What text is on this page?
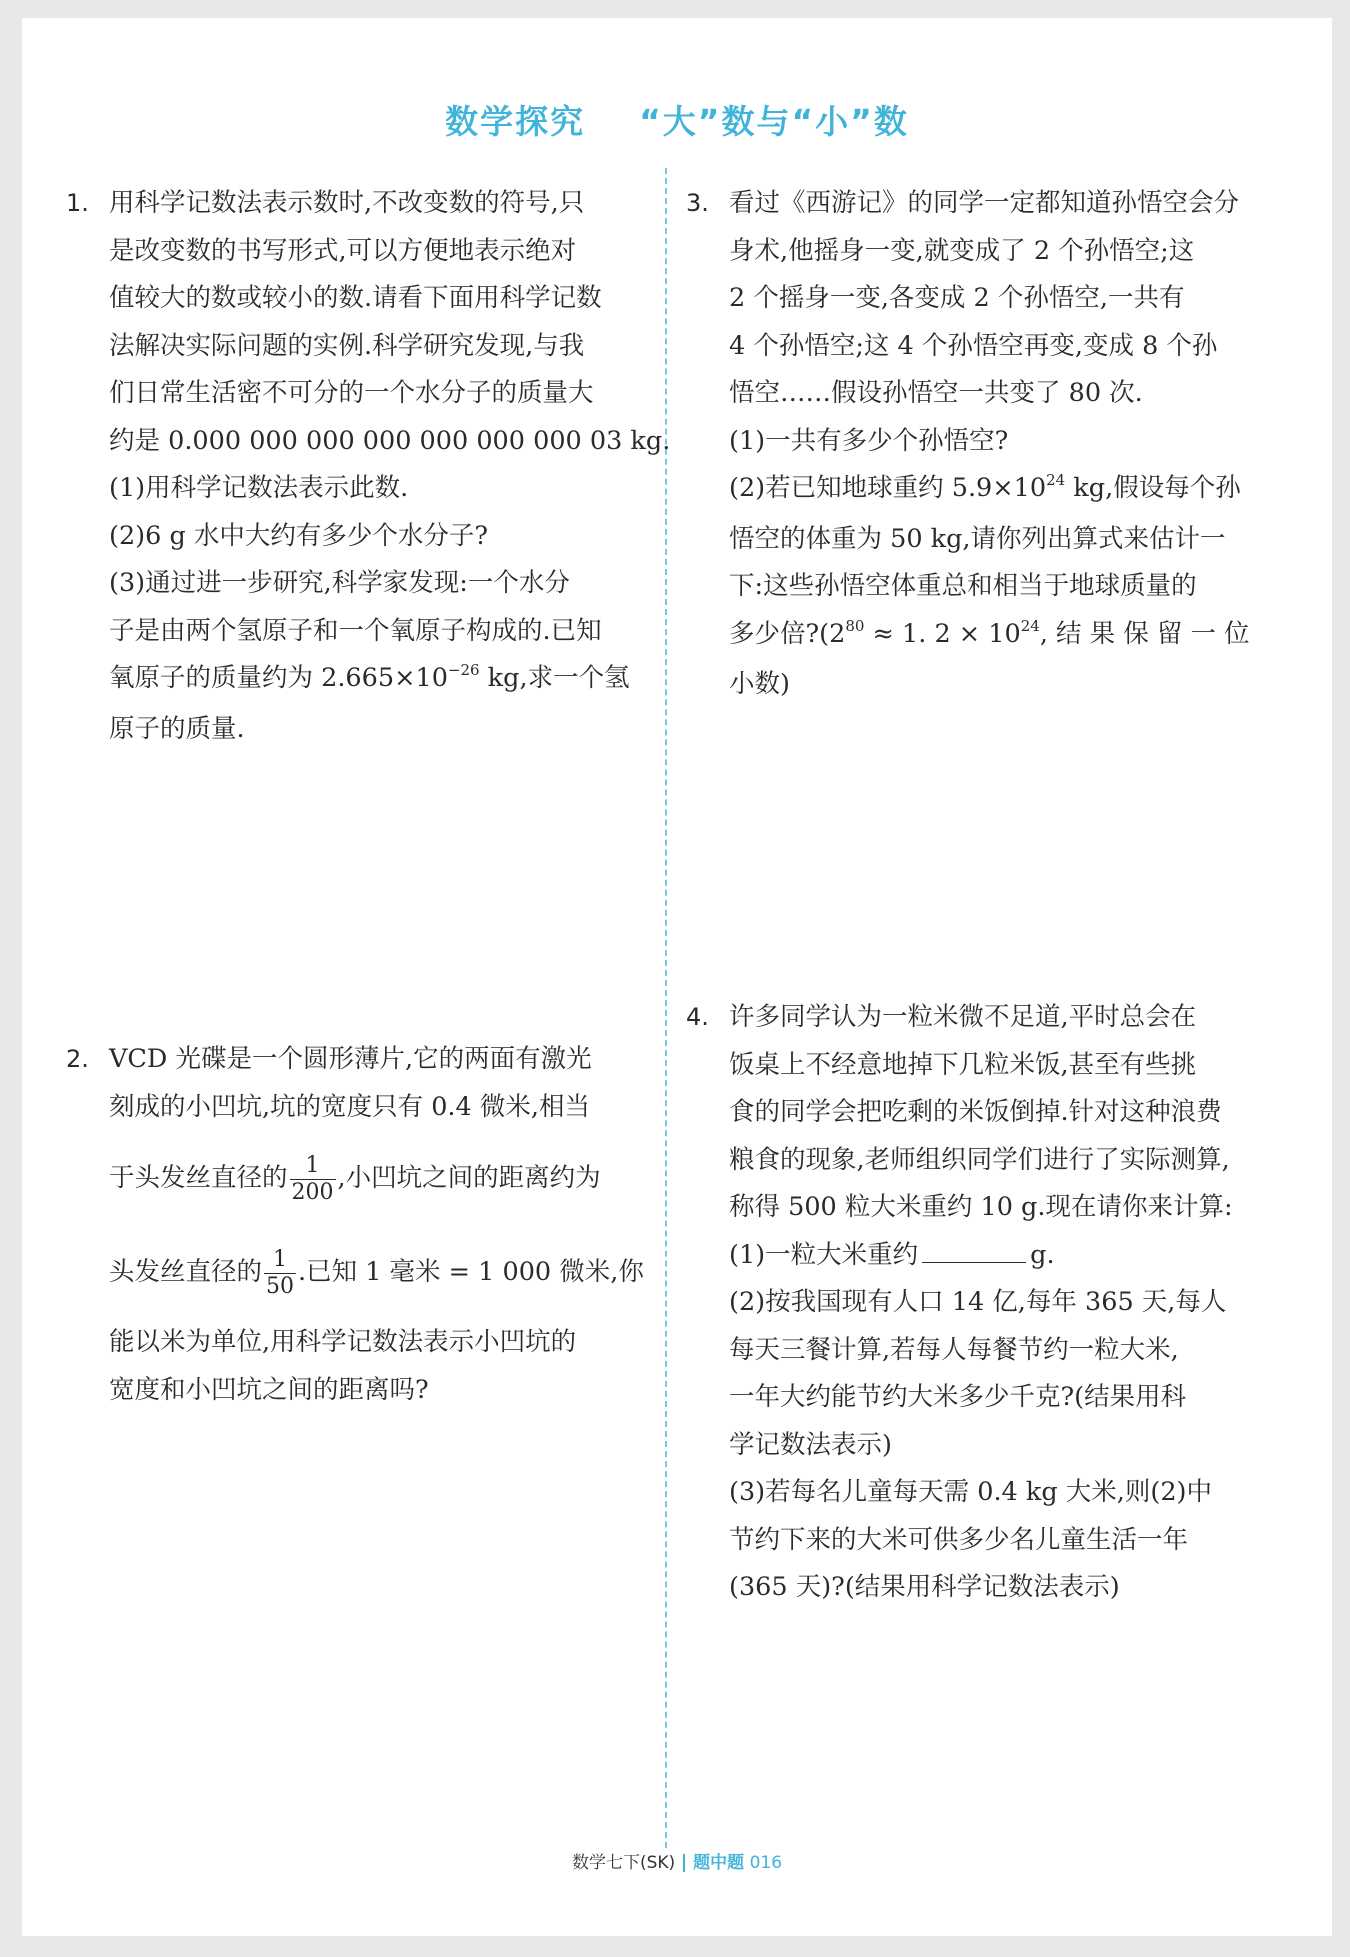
数学探究    “大”数与“小”数
1. 用科学记数法表示数时,不改变数的符号,只

是改变数的书写形式,可以方便地表示绝对

值较大的数或较小的数.请看下面用科学记数

法解决实际问题的实例.科学研究发现,与我

们日常生活密不可分的一个水分子的质量大

约是 0.000 000 000 000 000 000 000 03 kg.

(1)用科学记数法表示此数.

(2)6 g 水中大约有多少个水分子?

(3)通过进一步研究,科学家发现:一个水分

子是由两个氢原子和一个氧原子构成的.已知

氧原子的质量约为 $2.665\times 10^{-26}$ kg,求一个氢

原子的质量.

2. VCD 光碟是一个圆形薄片,它的两面有激光

刻成的小凹坑,坑的宽度只有 0.4 微米,相当

于头发丝直径的 $\frac{1}{200}$ ,小凹坑之间的距离约为

头发丝直径的 $\frac{1}{50}$ .已知 1 毫米 = 1 000 微米,你

能以米为单位,用科学记数法表示小凹坑的

宽度和小凹坑之间的距离吗?

3. 看过《西游记》的同学一定都知道孙悟空会分

身术,他摇身一变,就变成了 2 个孙悟空;这

2 个摇身一变,各变成 2 个孙悟空,一共有

4 个孙悟空;这 4 个孙悟空再变,变成 8 个孙

悟空……假设孙悟空一共变了 80 次.

(1)一共有多少个孙悟空?

(2)若已知地球重约 $5.9\times 10^{24}$ kg,假设每个孙

悟空的体重为 50 kg,请你列出算式来估计一

下:这些孙悟空体重总和相当于地球质量的

多少倍$?(2^{80} \approx 1$. $2 \times 10^{24}$, 结 果 保 留 一 位

小数)

4. 许多同学认为一粒米微不足道,平时总会在

饭桌上不经意地掉下几粒米饭,甚至有些挑

食的同学会把吃剩的米饭倒掉.针对这种浪费

粮食的现象,老师组织同学们进行了实际测算,

称得 500 粒大米重约 10 g.现在请你来计算:

(1)一粒大米重约	g.

(2)按我国现有人口 14 亿,每年 365 天,每人

每天三餐计算,若每人每餐节约一粒大米,

一年大约能节约大米多少千克?(结果用科

学记数法表示)

(3)若每名儿童每天需 0.4 kg 大米,则(2)中

节约下来的大米可供多少名儿童生活一年

(365 天)?(结果用科学记数法表示)

数学七下(SK) 题中题 016
